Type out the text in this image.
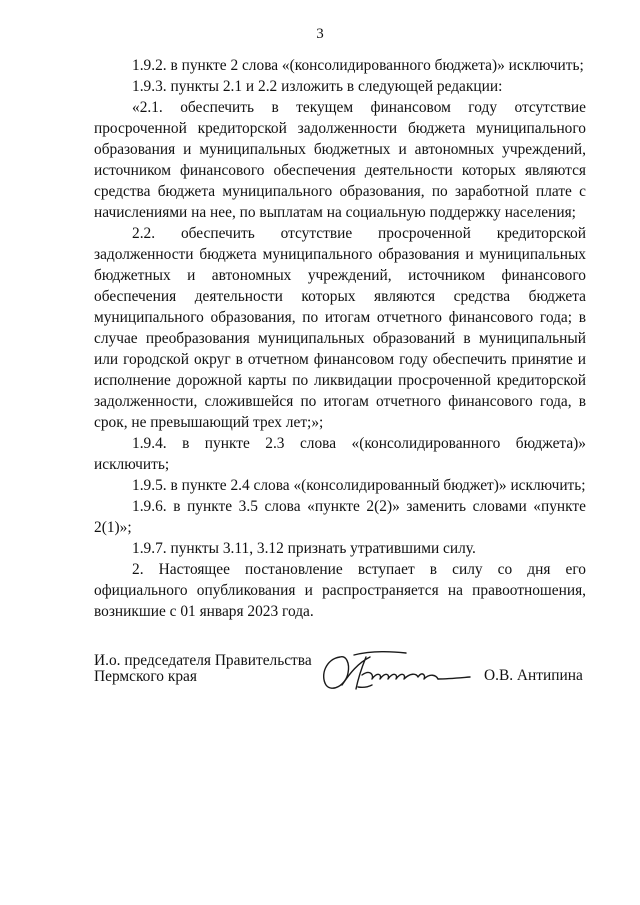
3

1.9.2. в пункте 2 слова «(консолидированного бюджета)» исключить;

1.9.3. пункты 2.1 и 2.2 изложить в следующей редакции:

«2.1. обеспечить в текущем финансовом году отсутствие просроченной кредиторской задолженности бюджета муниципального образования и муниципальных бюджетных и автономных учреждений, источником финансового обеспечения деятельности которых являются средства бюджета муниципального образования, по заработной плате с начислениями на нее, по выплатам на социальную поддержку населения;

2.2. обеспечить отсутствие просроченной кредиторской задолженности бюджета муниципального образования и муниципальных бюджетных и автономных учреждений, источником финансового обеспечения деятельности которых являются средства бюджета муниципального образования, по итогам отчетного финансового года; в случае преобразования муниципальных образований в муниципальный или городской округ в отчетном финансовом году обеспечить принятие и исполнение дорожной карты по ликвидации просроченной кредиторской задолженности, сложившейся по итогам отчетного финансового года, в срок, не превышающий трех лет;»;

1.9.4. в пункте 2.3 слова «(консолидированного бюджета)» исключить;

1.9.5. в пункте 2.4 слова «(консолидированный бюджет)» исключить;

1.9.6. в пункте 3.5 слова «пункте 2(2)» заменить словами «пункте 2(1)»;

1.9.7. пункты 3.11, 3.12 признать утратившими силу.

2. Настоящее постановление вступает в силу со дня его официального опубликования и распространяется на правоотношения, возникшие с 01 января 2023 года.

И.о. председателя Правительства
Пермского края	О.В. Антипина
